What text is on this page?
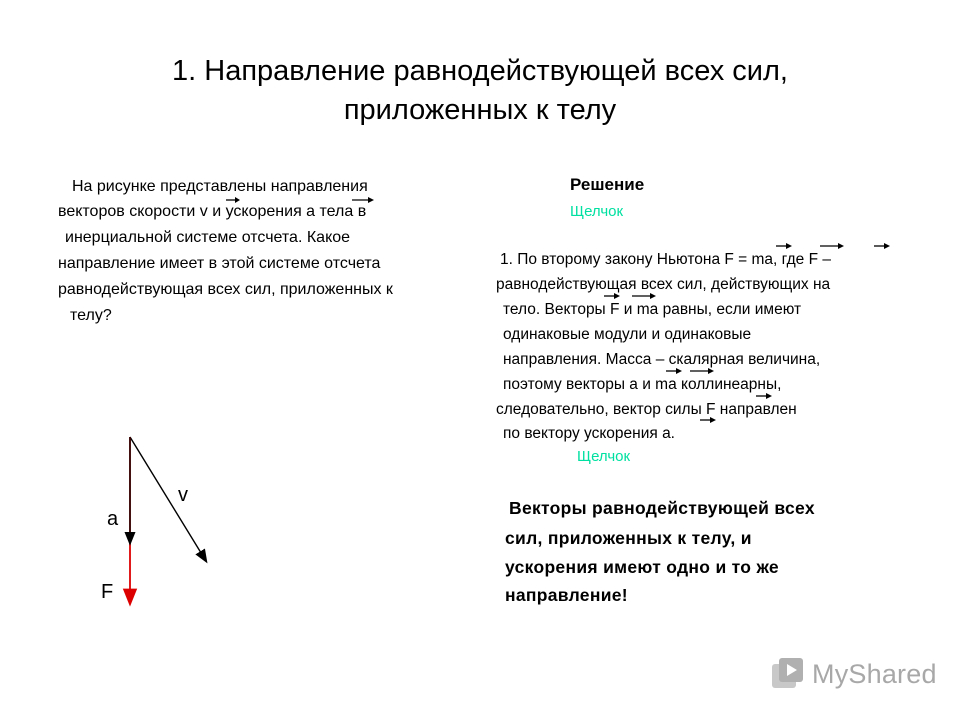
1. Направление равнодействующей всех сил,
приложенных к телу
На рисунке представлены направления
векторов скорости v и ускорения a тела в
инерциальной системе отсчета. Какое
направление имеет в этой системе отсчета
равнодействующая всех сил, приложенных к
телу?
Решение
Щелчок
1. По второму закону Ньютона F = ma, где F –
равнодействующая всех сил, действующих на
тело. Векторы F и ma равны, если имеют
одинаковые модули и одинаковые
направления. Масса – скалярная величина,
поэтому векторы a и ma коллинеарны,
следовательно, вектор силы F направлен
по вектору ускорения a.
Щелчок
Векторы равнодействующей всех
сил, приложенных к телу, и
ускорения имеют одно и то же
направление!
v
a
F
MyShared
